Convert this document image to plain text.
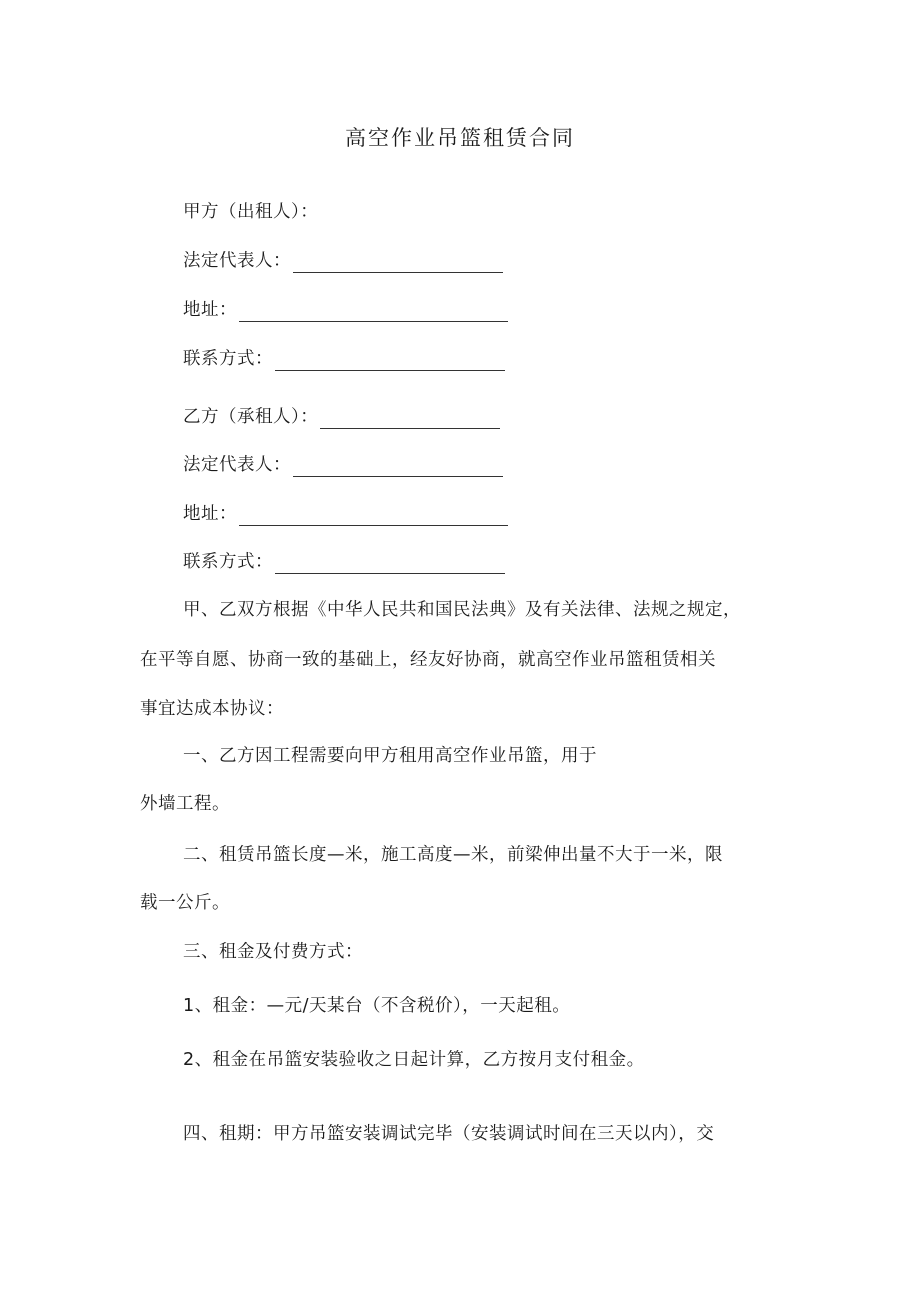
高空作业吊篮租赁合同
甲方（出租人）：
法定代表人：
地址：
联系方式：
乙方（承租人）：
法定代表人：
地址：
联系方式：
甲、乙双方根据《中华人民共和国民法典》及有关法律、法规之规定，
在平等自愿、协商一致的基础上，经友好协商，就高空作业吊篮租赁相关
事宜达成本协议：
一、乙方因工程需要向甲方租用高空作业吊篮，用于
外墙工程。
二、租赁吊篮长度—米，施工高度—米，前梁伸出量不大于一米，限
载一公斤。
三、租金及付费方式：
1、租金：—元/天某台（不含税价），一天起租。
2、租金在吊篮安装验收之日起计算，乙方按月支付租金。
四、租期：甲方吊篮安装调试完毕（安装调试时间在三天以内），交
